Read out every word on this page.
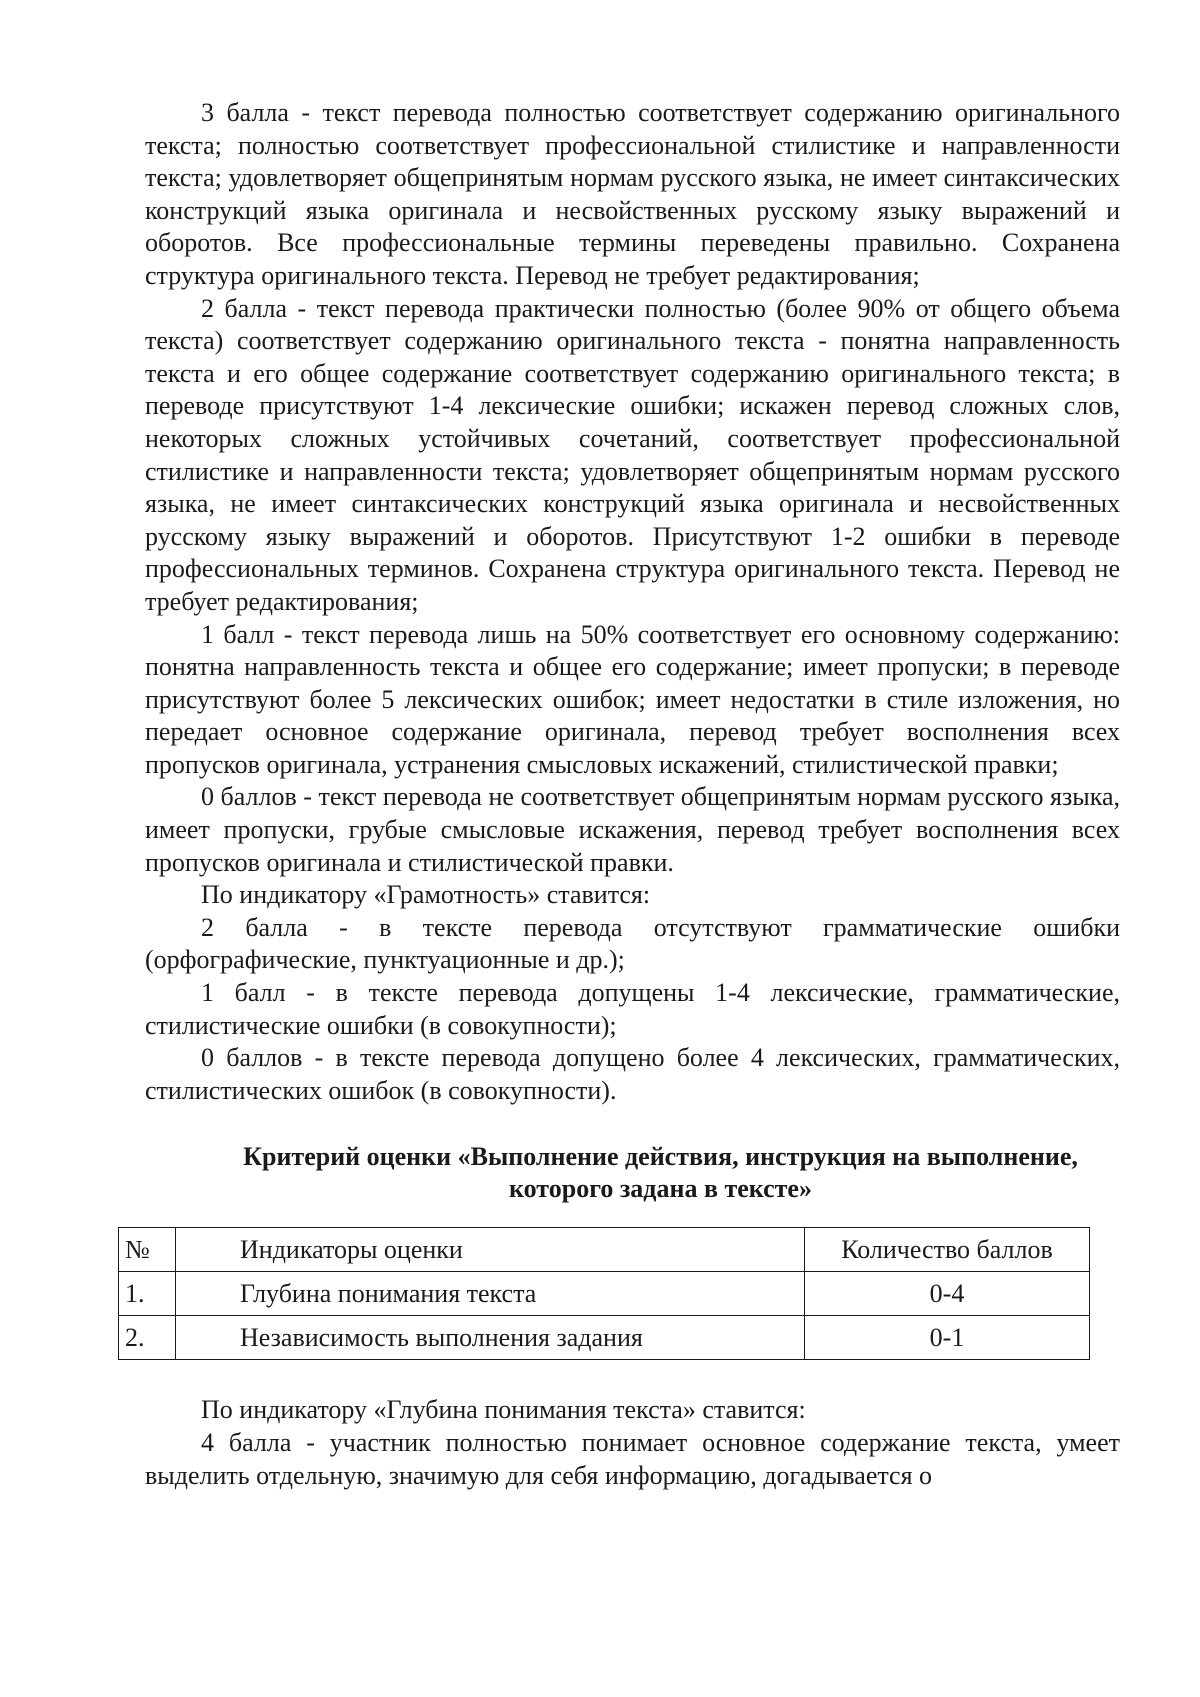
3 балла - текст перевода полностью соответствует содержанию оригинального текста; полностью соответствует профессиональной стилистике и направленности текста; удовлетворяет общепринятым нормам русского языка, не имеет синтаксических конструкций языка оригинала и несвойственных русскому языку выражений и оборотов. Все профессиональные термины переведены правильно. Сохранена структура оригинального текста. Перевод не требует редактирования;

2 балла - текст перевода практически полностью (более 90% от общего объема текста) соответствует содержанию оригинального текста - понятна направленность текста и его общее содержание соответствует содержанию оригинального текста; в переводе присутствуют 1-4 лексические ошибки; искажен перевод сложных слов, некоторых сложных устойчивых сочетаний, соответствует профессиональной стилистике и направленности текста; удовлетворяет общепринятым нормам русского языка, не имеет синтаксических конструкций языка оригинала и несвойственных русскому языку выражений и оборотов. Присутствуют 1-2 ошибки в переводе профессиональных терминов. Сохранена структура оригинального текста. Перевод не требует редактирования;

1 балл - текст перевода лишь на 50% соответствует его основному содержанию: понятна направленность текста и общее его содержание; имеет пропуски; в переводе присутствуют более 5 лексических ошибок; имеет недостатки в стиле изложения, но передает основное содержание оригинала, перевод требует восполнения всех пропусков оригинала, устранения смысловых искажений, стилистической правки;

0 баллов - текст перевода не соответствует общепринятым нормам русского языка, имеет пропуски, грубые смысловые искажения, перевод требует восполнения всех пропусков оригинала и стилистической правки.

По индикатору «Грамотность» ставится:

2 балла - в тексте перевода отсутствуют грамматические ошибки (орфографические, пунктуационные и др.);

1 балл - в тексте перевода допущены 1-4 лексические, грамматические, стилистические ошибки (в совокупности);

0 баллов - в тексте перевода допущено более 4 лексических, грамматических, стилистических ошибок (в совокупности).

Критерий оценки «Выполнение действия, инструкция на выполнение,
которого задана в тексте»
№	Индикаторы оценки	Количество баллов
1.	Глубина понимания текста	0-4
2.	Независимость выполнения задания	0-1

По индикатору «Глубина понимания текста» ставится:

4 балла - участник полностью понимает основное содержание текста, умеет выделить отдельную, значимую для себя информацию, догадывается о
